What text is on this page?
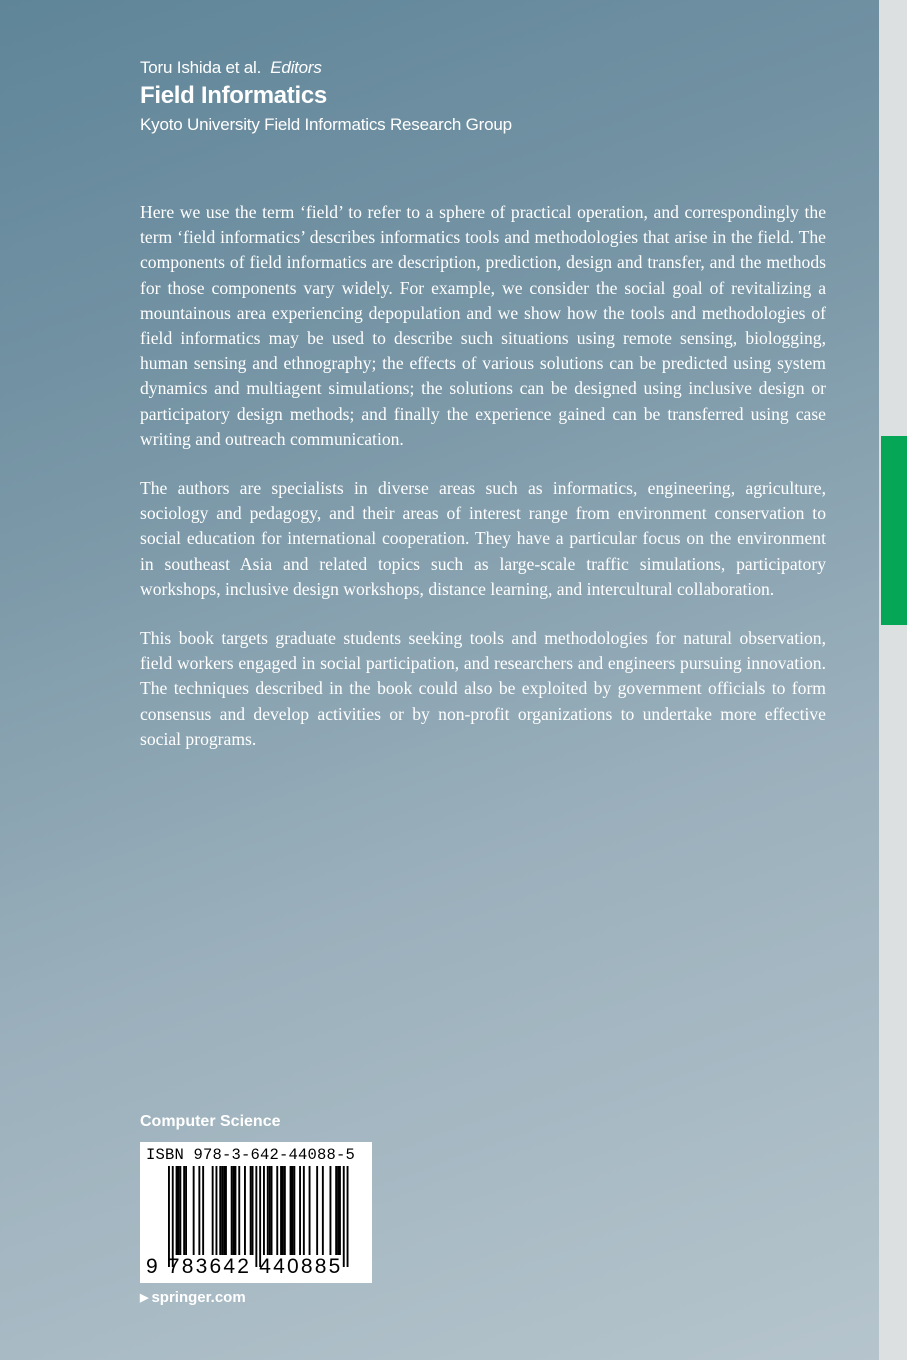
Toru Ishida et al. Editors
Field Informatics
Kyoto University Field Informatics Research Group

Here we use the term ‘field’ to refer to a sphere of practical operation, and correspondingly the term ‘field informatics’ describes informatics tools and methodologies that arise in the field. The components of field informatics are description, prediction, design and transfer, and the methods for those components vary widely. For example, we consider the social goal of revitalizing a mountainous area experiencing depopulation and we show how the tools and methodologies of field informatics may be used to describe such situations using remote sensing, biologging, human sensing and ethnography; the effects of various solutions can be predicted using system dynamics and multiagent simulations; the solutions can be designed using inclusive design or participatory design methods; and finally the experience gained can be transferred using case writing and outreach communication.

The authors are specialists in diverse areas such as informatics, engineering, agriculture, sociology and pedagogy, and their areas of interest range from environment conservation to social education for international cooperation. They have a particular focus on the environment in southeast Asia and related topics such as large-scale traffic simulations, participatory workshops, inclusive design workshops, distance learning, and intercultural collaboration.

This book targets graduate students seeking tools and methodologies for natural observation, field workers engaged in social participation, and researchers and engineers pursuing innovation. The techniques described in the book could also be exploited by government officials to form consensus and develop activities or by non-profit organizations to undertake more effective social programs.

Computer Science
ISBN 978-3-642-44088-5
9 783642 440885
▶ springer.com
